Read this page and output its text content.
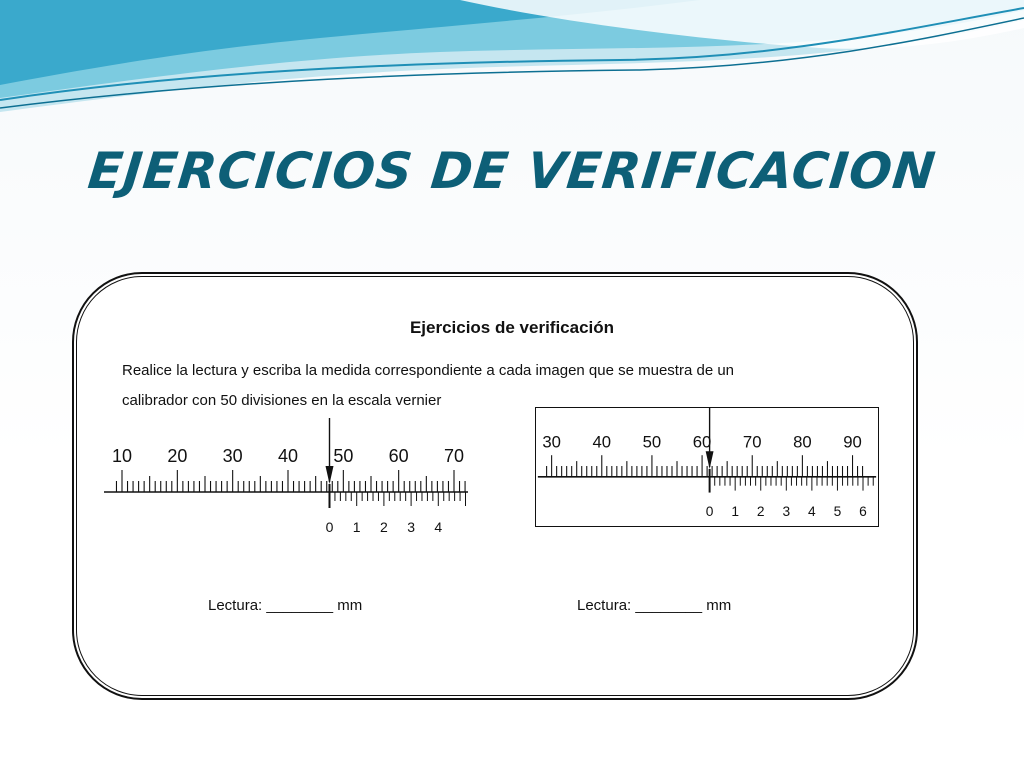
EJERCICIOS DE VERIFICACION
Ejercicios de verificación
Realice la lectura y escriba la medida correspondiente a cada imagen que se muestra de un
calibrador con 50 divisiones en la escala vernier
10 20 30 40 50 60 70
0 1 2 3 4
30 40 50 60 70 80 90
0 1 2 3 4 5 6
Lectura: ________ mm	Lectura: ________ mm
